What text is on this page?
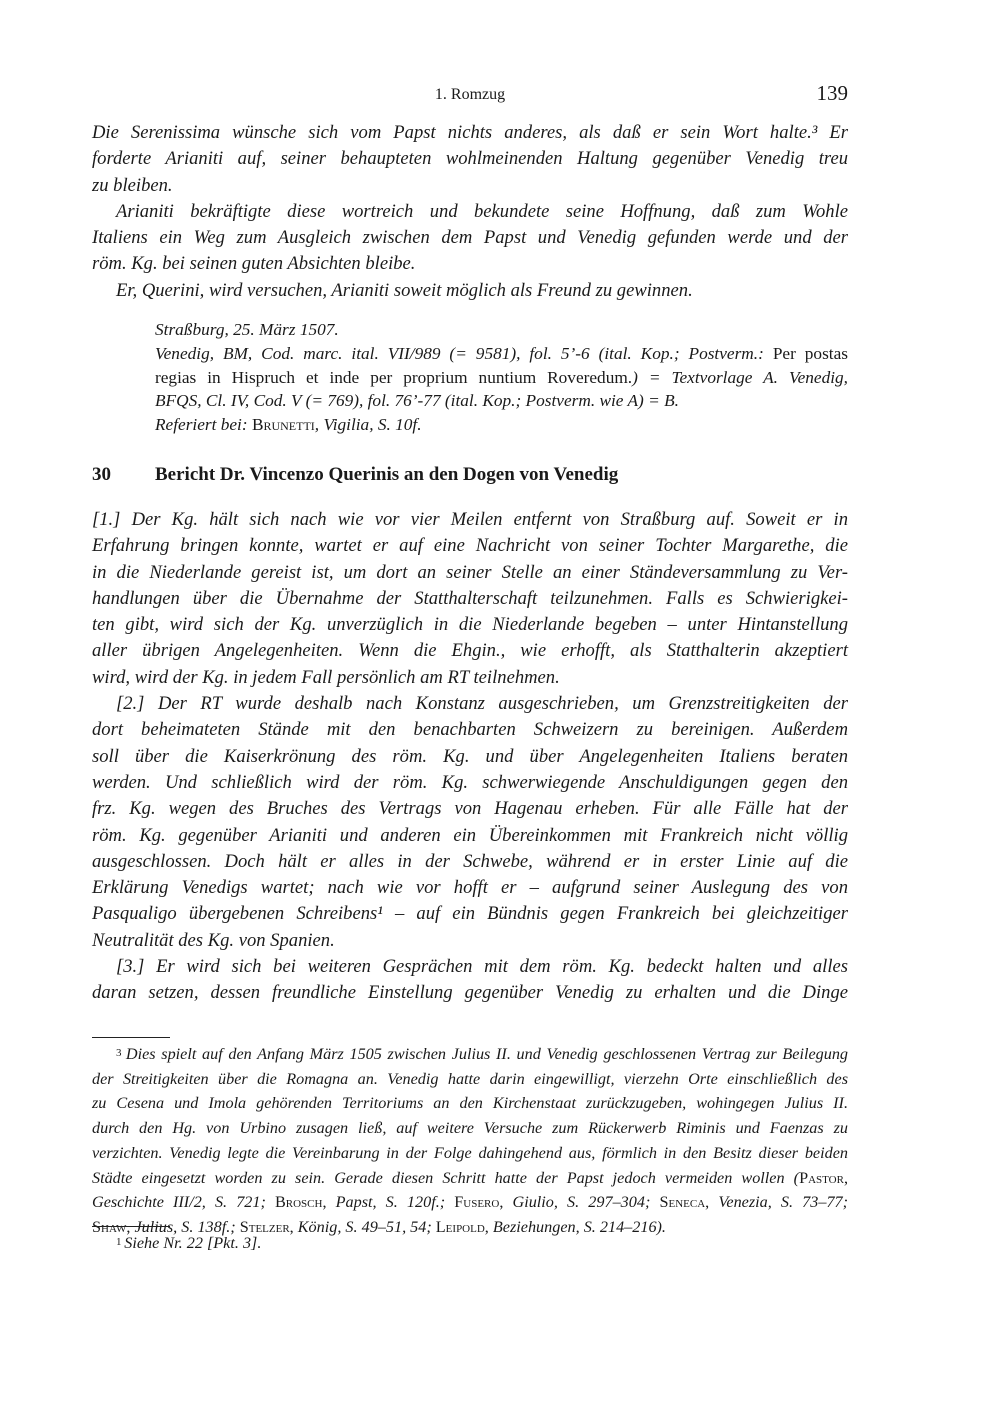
1. Romzug	139
Die Serenissima wünsche sich vom Papst nichts anderes, als daß er sein Wort halte.³ Er
forderte Arianiti auf, seiner behaupteten wohlmeinenden Haltung gegenüber Venedig treu
zu bleiben.
Arianiti bekräftigte diese wortreich und bekundete seine Hoffnung, daß zum Wohle
Italiens ein Weg zum Ausgleich zwischen dem Papst und Venedig gefunden werde und der
röm. Kg. bei seinen guten Absichten bleibe.
Er, Querini, wird versuchen, Arianiti soweit möglich als Freund zu gewinnen.
Straßburg, 25. März 1507.
Venedig, BM, Cod. marc. ital. VII/989 (= 9581), fol. 5’-6 (ital. Kop.; Postverm.: Per postas
regias in Hispruch et inde per proprium nuntium Roveredum.) = Textvorlage A. Venedig,
BFQS, Cl. IV, Cod. V (= 769), fol. 76’-77 (ital. Kop.; Postverm. wie A) = B.
Referiert bei: Brunetti, Vigilia, S. 10f.
30 Bericht Dr. Vincenzo Querinis an den Dogen von Venedig
[1.] Der Kg. hält sich nach wie vor vier Meilen entfernt von Straßburg auf. Soweit er in
Erfahrung bringen konnte, wartet er auf eine Nachricht von seiner Tochter Margarethe, die
in die Niederlande gereist ist, um dort an seiner Stelle an einer Ständeversammlung zu Ver-
handlungen über die Übernahme der Statthalterschaft teilzunehmen. Falls es Schwierigkei-
ten gibt, wird sich der Kg. unverzüglich in die Niederlande begeben – unter Hintanstellung
aller übrigen Angelegenheiten. Wenn die Ehgin., wie erhofft, als Statthalterin akzeptiert
wird, wird der Kg. in jedem Fall persönlich am RT teilnehmen.
[2.] Der RT wurde deshalb nach Konstanz ausgeschrieben, um Grenzstreitigkeiten der
dort beheimateten Stände mit den benachbarten Schweizern zu bereinigen. Außerdem
soll über die Kaiserkrönung des röm. Kg. und über Angelegenheiten Italiens beraten
werden. Und schließlich wird der röm. Kg. schwerwiegende Anschuldigungen gegen den
frz. Kg. wegen des Bruches des Vertrags von Hagenau erheben. Für alle Fälle hat der
röm. Kg. gegenüber Arianiti und anderen ein Übereinkommen mit Frankreich nicht völlig
ausgeschlossen. Doch hält er alles in der Schwebe, während er in erster Linie auf die
Erklärung Venedigs wartet; nach wie vor hofft er – aufgrund seiner Auslegung des von
Pasqualigo übergebenen Schreibens¹ – auf ein Bündnis gegen Frankreich bei gleichzeitiger
Neutralität des Kg. von Spanien.
[3.] Er wird sich bei weiteren Gesprächen mit dem röm. Kg. bedeckt halten und alles
daran setzen, dessen freundliche Einstellung gegenüber Venedig zu erhalten und die Dinge
3 Dies spielt auf den Anfang März 1505 zwischen Julius II. und Venedig geschlossenen Vertrag zur Beilegung
der Streitigkeiten über die Romagna an. Venedig hatte darin eingewilligt, vierzehn Orte einschließlich des
zu Cesena und Imola gehörenden Territoriums an den Kirchenstaat zurückzugeben, wohingegen Julius II.
durch den Hg. von Urbino zusagen ließ, auf weitere Versuche zum Rückerwerb Riminis und Faenzas zu
verzichten. Venedig legte die Vereinbarung in der Folge dahingehend aus, förmlich in den Besitz dieser beiden
Städte eingesetzt worden zu sein. Gerade diesen Schritt hatte der Papst jedoch vermeiden wollen (Pastor,
Geschichte III/2, S. 721; Brosch, Papst, S. 120f.; Fusero, Giulio, S. 297–304; Seneca, Venezia, S. 73–77;
Shaw, Julius, S. 138f.; Stelzer, König, S. 49–51, 54; Leipold, Beziehungen, S. 214–216).
1 Siehe Nr. 22 [Pkt. 3].
